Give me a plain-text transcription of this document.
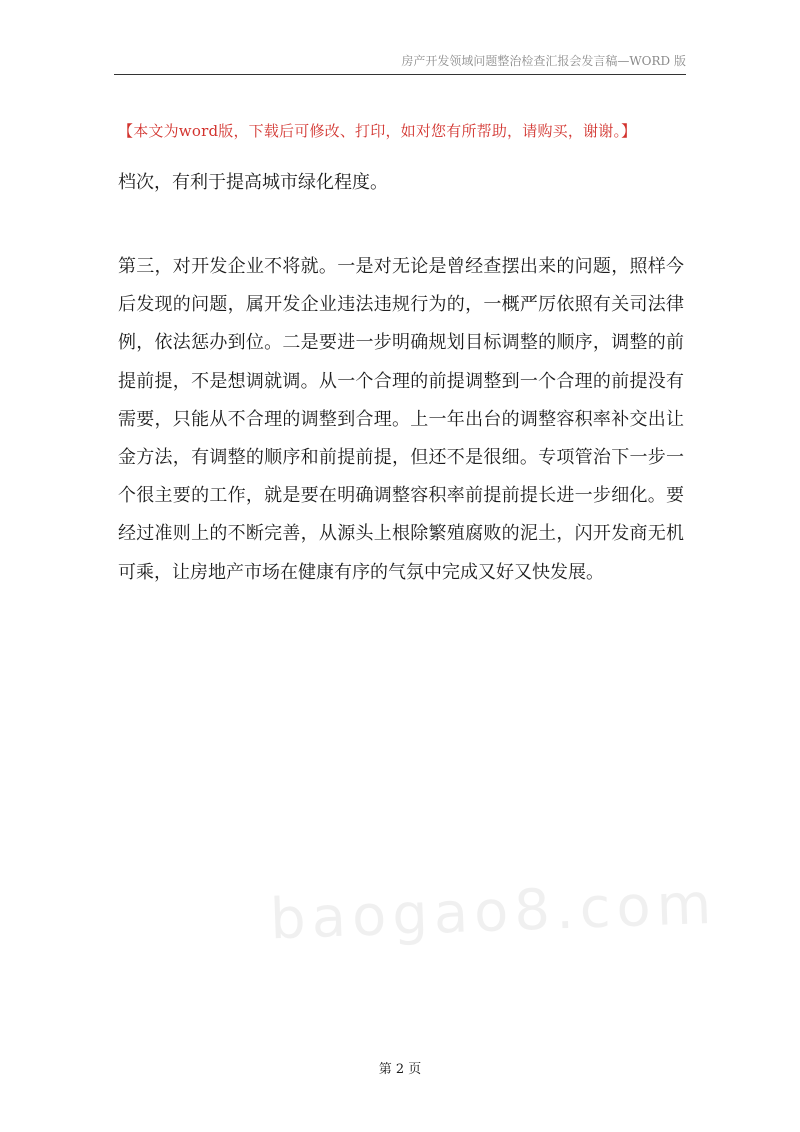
房产开发领域问题整治检查汇报会发言稿—WORD 版
【本文为word版，下载后可修改、打印，如对您有所帮助，请购买，谢谢。】

档次，有利于提高城市绿化程度。

第三，对开发企业不将就。一是对无论是曾经查摆出来的问题，照样今后发现的问题，属开发企业违法违规行为的，一概严厉依照有关司法律例，依法惩办到位。二是要进一步明确规划目标调整的顺序，调整的前提前提，不是想调就调。从一个合理的前提调整到一个合理的前提没有需要，只能从不合理的调整到合理。上一年出台的调整容积率补交出让金方法，有调整的顺序和前提前提，但还不是很细。专项管治下一步一个很主要的工作，就是要在明确调整容积率前提前提长进一步细化。要经过准则上的不断完善，从源头上根除繁殖腐败的泥土，闪开发商无机可乘，让房地产市场在健康有序的气氛中完成又好又快发展。

baogao8.com
第 2 页
